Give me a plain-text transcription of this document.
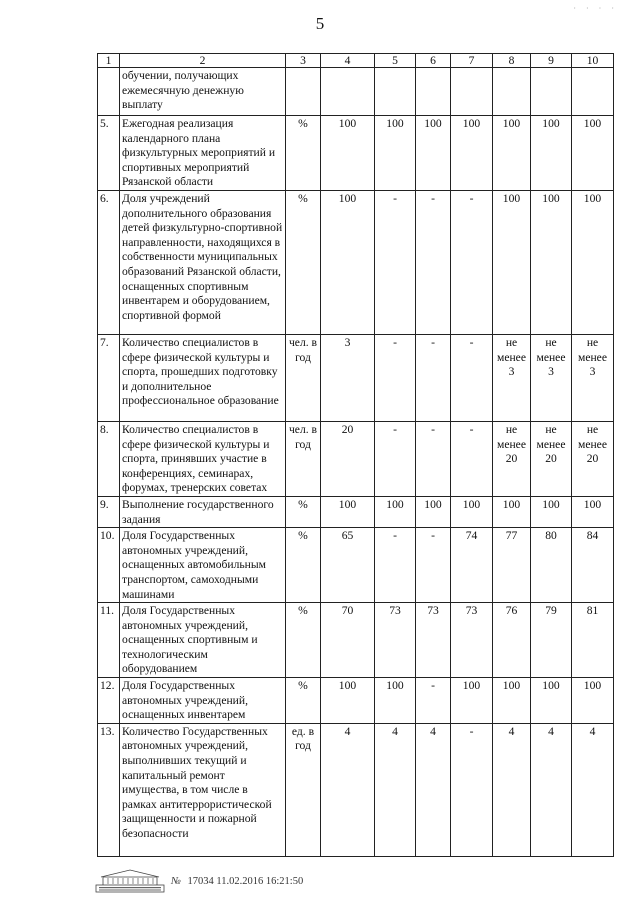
5
· · · ·
1	2	3	4	5	6	7	8	9	10
	обучении, получающих ежемесячную денежную выплату								
5.	Ежегодная реализация календарного плана физкультурных мероприятий и спортивных мероприятий Рязанской области	%	100	100	100	100	100	100	100
6.	Доля учреждений дополнительного образования детей физкультурно-спортивной направленности, находящихся в собственности муниципальных образований Рязанской области, оснащенных спортивным инвентарем и оборудованием, спортивной формой	%	100	-	-	-	100	100	100
7.	Количество специалистов в сфере физической культуры и спорта, прошедших подготовку и дополнительное профессиональное образование	чел. в год	3	-	-	-	не менее 3	не менее 3	не менее 3
8.	Количество специалистов в сфере физической культуры и спорта, принявших участие в конференциях, семинарах, форумах, тренерских советах	чел. в год	20	-	-	-	не менее 20	не менее 20	не менее 20
9.	Выполнение государственного задания	%	100	100	100	100	100	100	100
10.	Доля Государственных автономных учреждений, оснащенных автомобильным транспортом, самоходными машинами	%	65	-	-	74	77	80	84
11.	Доля Государственных автономных учреждений, оснащенных спортивным и технологическим оборудованием	%	70	73	73	73	76	79	81
12.	Доля Государственных автономных учреждений, оснащенных инвентарем	%	100	100	-	100	100	100	100
13.	Количество Государственных автономных учреждений, выполнивших текущий и капитальный ремонт имущества, в том числе в рамках антитеррористической защищенности и пожарной безопасности	ед. в год	4	4	4	-	4	4	4
№ 17034 11.02.2016 16:21:50
